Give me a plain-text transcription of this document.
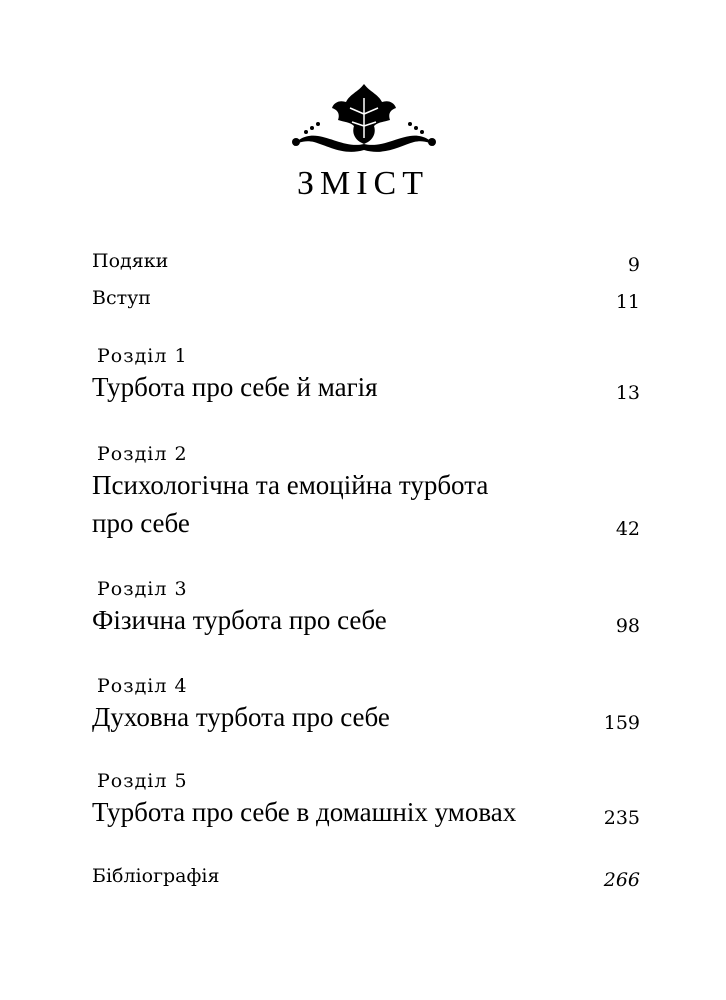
ЗМІСТ
Подяки	9
Вступ	11
Розділ 1
Турбота про себе й магія	13
Розділ 2
Психологічна та емоційна турбота
про себе	42
Розділ 3
Фізична турбота про себе	98
Розділ 4
Духовна турбота про себе	159
Розділ 5
Турбота про себе в домашніх умовах	235
Бібліографія	266
